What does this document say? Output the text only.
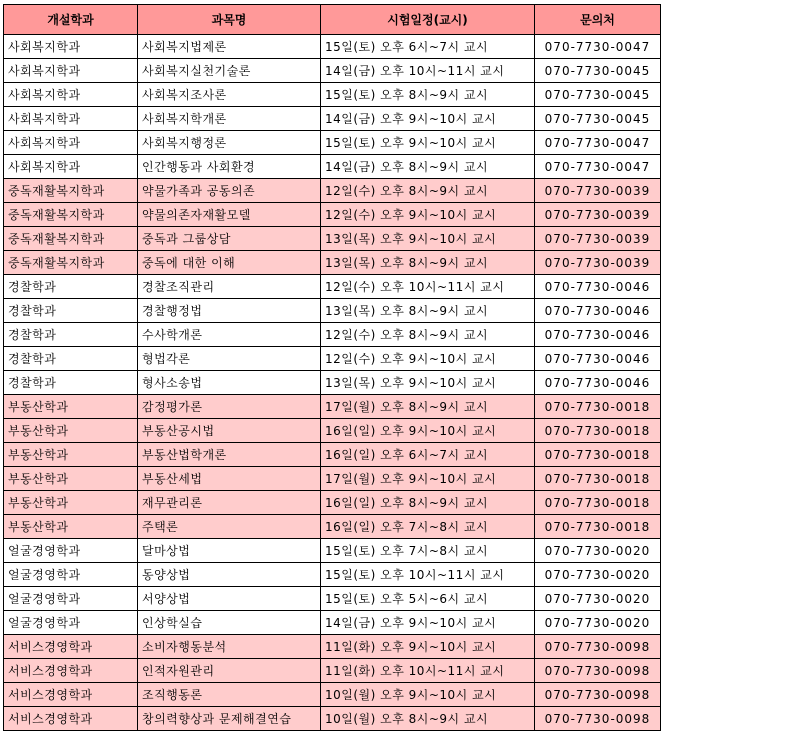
개설학과	과목명	시험일정(교시)	문의처
사회복지학과	사회복지법제론	15일(토) 오후 6시~7시 교시	070-7730-0047
사회복지학과	사회복지실천기술론	14일(금) 오후 10시~11시 교시	070-7730-0045
사회복지학과	사회복지조사론	15일(토) 오후 8시~9시 교시	070-7730-0045
사회복지학과	사회복지학개론	14일(금) 오후 9시~10시 교시	070-7730-0045
사회복지학과	사회복지행정론	15일(토) 오후 9시~10시 교시	070-7730-0047
사회복지학과	인간행동과 사회환경	14일(금) 오후 8시~9시 교시	070-7730-0047
중독재활복지학과	약물가족과 공동의존	12일(수) 오후 8시~9시 교시	070-7730-0039
중독재활복지학과	약물의존자재활모델	12일(수) 오후 9시~10시 교시	070-7730-0039
중독재활복지학과	중독과 그룹상담	13일(목) 오후 9시~10시 교시	070-7730-0039
중독재활복지학과	중독에 대한 이해	13일(목) 오후 8시~9시 교시	070-7730-0039
경찰학과	경찰조직관리	12일(수) 오후 10시~11시 교시	070-7730-0046
경찰학과	경찰행정법	13일(목) 오후 8시~9시 교시	070-7730-0046
경찰학과	수사학개론	12일(수) 오후 8시~9시 교시	070-7730-0046
경찰학과	형법각론	12일(수) 오후 9시~10시 교시	070-7730-0046
경찰학과	형사소송법	13일(목) 오후 9시~10시 교시	070-7730-0046
부동산학과	감정평가론	17일(월) 오후 8시~9시 교시	070-7730-0018
부동산학과	부동산공시법	16일(일) 오후 9시~10시 교시	070-7730-0018
부동산학과	부동산법학개론	16일(일) 오후 6시~7시 교시	070-7730-0018
부동산학과	부동산세법	17일(월) 오후 9시~10시 교시	070-7730-0018
부동산학과	재무관리론	16일(일) 오후 8시~9시 교시	070-7730-0018
부동산학과	주택론	16일(일) 오후 7시~8시 교시	070-7730-0018
얼굴경영학과	달마상법	15일(토) 오후 7시~8시 교시	070-7730-0020
얼굴경영학과	동양상법	15일(토) 오후 10시~11시 교시	070-7730-0020
얼굴경영학과	서양상법	15일(토) 오후 5시~6시 교시	070-7730-0020
얼굴경영학과	인상학실습	14일(금) 오후 9시~10시 교시	070-7730-0020
서비스경영학과	소비자행동분석	11일(화) 오후 9시~10시 교시	070-7730-0098
서비스경영학과	인적자원관리	11일(화) 오후 10시~11시 교시	070-7730-0098
서비스경영학과	조직행동론	10일(월) 오후 9시~10시 교시	070-7730-0098
서비스경영학과	창의력향상과 문제해결연습	10일(월) 오후 8시~9시 교시	070-7730-0098
